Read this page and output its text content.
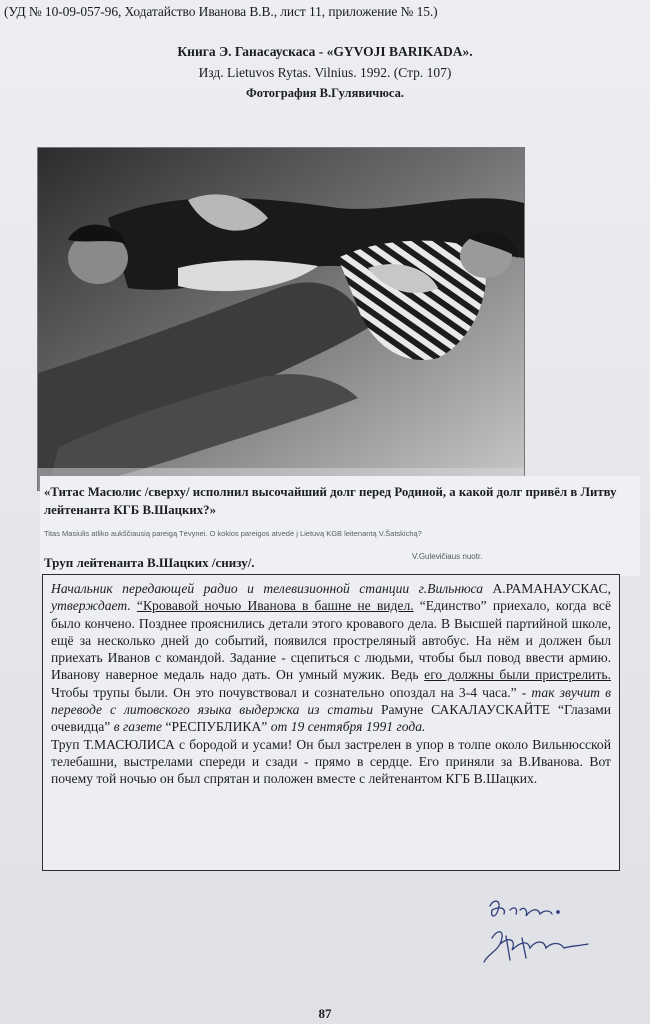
(УД № 10-09-057-96, Ходатайство Иванова В.В., лист 11, приложение № 15.)
Книга Э. Ганасаускаса - «GYVOJI BARIKADA».
Изд. Lietuvos Rytas. Vilnius. 1992. (Стр. 107)
Фотография В.Гулявичюса.
«Титас Масюлис /сверху/ исполнил высочайший долг перед Родиной, а какой долг привёл в Литву лейтенанта КГБ В.Шацких?»
Titas Masiulis atliko aukščiausią pareigą Tėvynei. O kokios pareigos atvedė į Lietuvą KGB leitenantą V.Šatskichą?
Труп лейтенанта В.Шацких /снизу/.	V.Gulevičiaus nuotr.

Начальник передающей радио и телевизионной станции г.Вильнюса А.РАМАНАУСКАС, утверждает. “Кровавой ночью Иванова в башне не видел. “Единство” приехало, когда всё было кончено. Позднее прояснились детали этого кровавого дела. В Высшей партийной школе, ещё за несколько дней до событий, появился простреляный автобус. На нём и должен был приехать Иванов с командой. Задание - сцепиться с людьми, чтобы был повод ввести армию. Иванову наверное медаль надо дать. Он умный мужик. Ведь его должны были пристрелить. Чтобы трупы были. Он это почувствовал и сознательно опоздал на 3-4 часа.” - так звучит в переводе с литовского языка выдержка из статьи Рамуне САКАЛАУСКАЙТЕ “Глазами очевидца” в газете “РЕСПУБЛИКА” от 19 сентября 1991 года.

Труп Т.МАСЮЛИСА с бородой и усами! Он был застрелен в упор в толпе около Вильнюсской телебашни, выстрелами спереди и сзади - прямо в сердце. Его приняли за В.Иванова. Вот почему той ночью он был спрятан и положен вместе с лейтенантом КГБ В.Шацких.

87
